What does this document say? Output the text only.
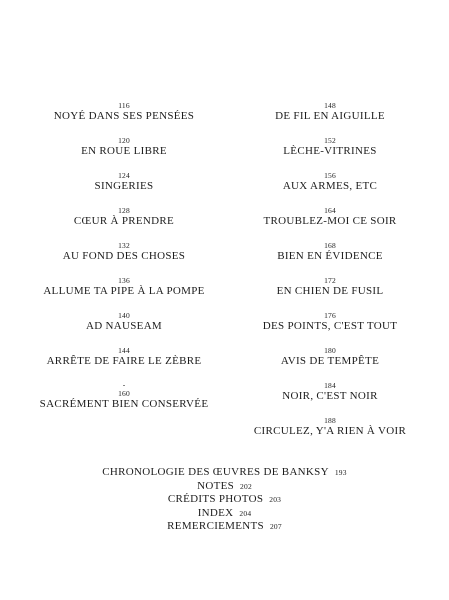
116
NOYÉ DANS SES PENSÉES
120
EN ROUE LIBRE
124
SINGERIES
128
CŒUR À PRENDRE
132
AU FOND DES CHOSES
136
ALLUME TA PIPE À LA POMPE
140
AD NAUSEAM
144
ARRÊTE DE FAIRE LE ZÈBRE
-
160
SACRÉMENT BIEN CONSERVÉE
148
DE FIL EN AIGUILLE
152
LÈCHE-VITRINES
156
AUX ARMES, ETC
164
TROUBLEZ-MOI CE SOIR
168
BIEN EN ÉVIDENCE
172
EN CHIEN DE FUSIL
176
DES POINTS, C'EST TOUT
180
AVIS DE TEMPÊTE
184
NOIR, C'EST NOIR
188
CIRCULEZ, Y'A RIEN À VOIR
CHRONOLOGIE DES ŒUVRES DE BANKSY 193
NOTES 202
CRÉDITS PHOTOS 203
INDEX 204
REMERCIEMENTS 207
